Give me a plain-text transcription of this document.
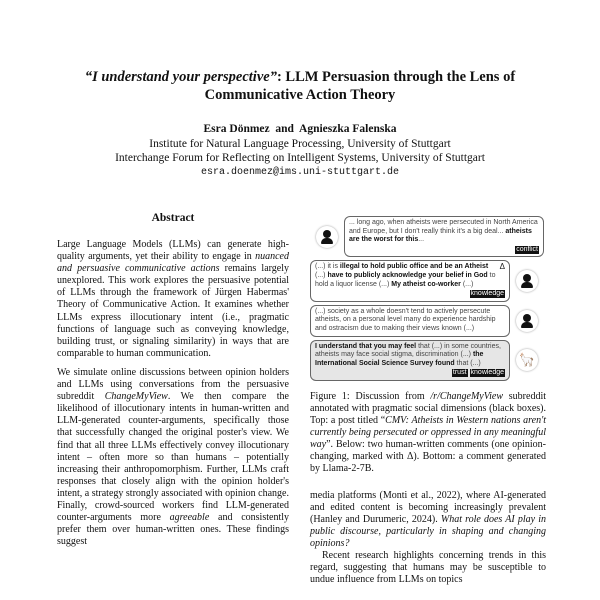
“I understand your perspective”: LLM Persuasion through the Lens of Communicative Action Theory
Esra Dönmez  and  Agnieszka Falenska
Institute for Natural Language Processing, University of Stuttgart
Interchange Forum for Reflecting on Intelligent Systems, University of Stuttgart
esra.doenmez@ims.uni-stuttgart.de
Abstract

Large Language Models (LLMs) can generate high-quality arguments, yet their ability to engage in nuanced and persuasive communicative actions remains largely unexplored. This work explores the persuasive potential of LLMs through the framework of Jürgen Habermas' Theory of Communicative Action. It examines whether LLMs express illocutionary intent (i.e., pragmatic functions of language such as conveying knowledge, building trust, or signaling similarity) in ways that are comparable to human communication.

We simulate online discussions between opinion holders and LLMs using conversations from the persuasive subreddit ChangeMyView. We then compare the likelihood of illocutionary intents in human-written and LLM-generated counter-arguments, specifically those that successfully changed the original poster's view. We find that all three LLMs effectively convey illocutionary intent – often more so than humans – potentially increasing their anthropomorphism. Further, LLMs craft responses that closely align with the opinion holder's intent, a strategy strongly associated with opinion change. Finally, crowd-sourced workers find LLM-generated counter-arguments more agreeable and consistently prefer them over human-written ones. These findings suggest

... long ago, when atheists were persecuted in North America and Europe, but I don't really think it's a big deal... atheists are the worst for this...
conflict
Δ
(...) it is illegal to hold public office and be an Atheist (...) have to publicly acknowledge your belief in God to hold a liquor license (...) My atheist co-worker (...)
knowledge
(...) society as a whole doesn't tend to actively persecute atheists, on a personal level many do experience hardship and ostracism due to making their views known (...)
I understand that you may feel that (...) in some countries, atheists may face social stigma, discrimination (...) the International Social Science Survey found that (...)
trust knowledge
🦙
Figure 1: Discussion from /r/ChangeMyView subreddit annotated with pragmatic social dimensions (black boxes). Top: a post titled “CMV: Atheists in Western nations aren't currently being persecuted or oppressed in any meaningful way”. Below: two human-written comments (one opinion-changing, marked with Δ). Bottom: a comment generated by Llama-2-7B.

media platforms (Monti et al., 2022), where AI-generated and edited content is becoming increasingly prevalent (Hanley and Durumeric, 2024). What role does AI play in public discourse, particularly in shaping and changing opinions?

Recent research highlights concerning trends in this regard, suggesting that humans may be susceptible to undue influence from LLMs on topics
